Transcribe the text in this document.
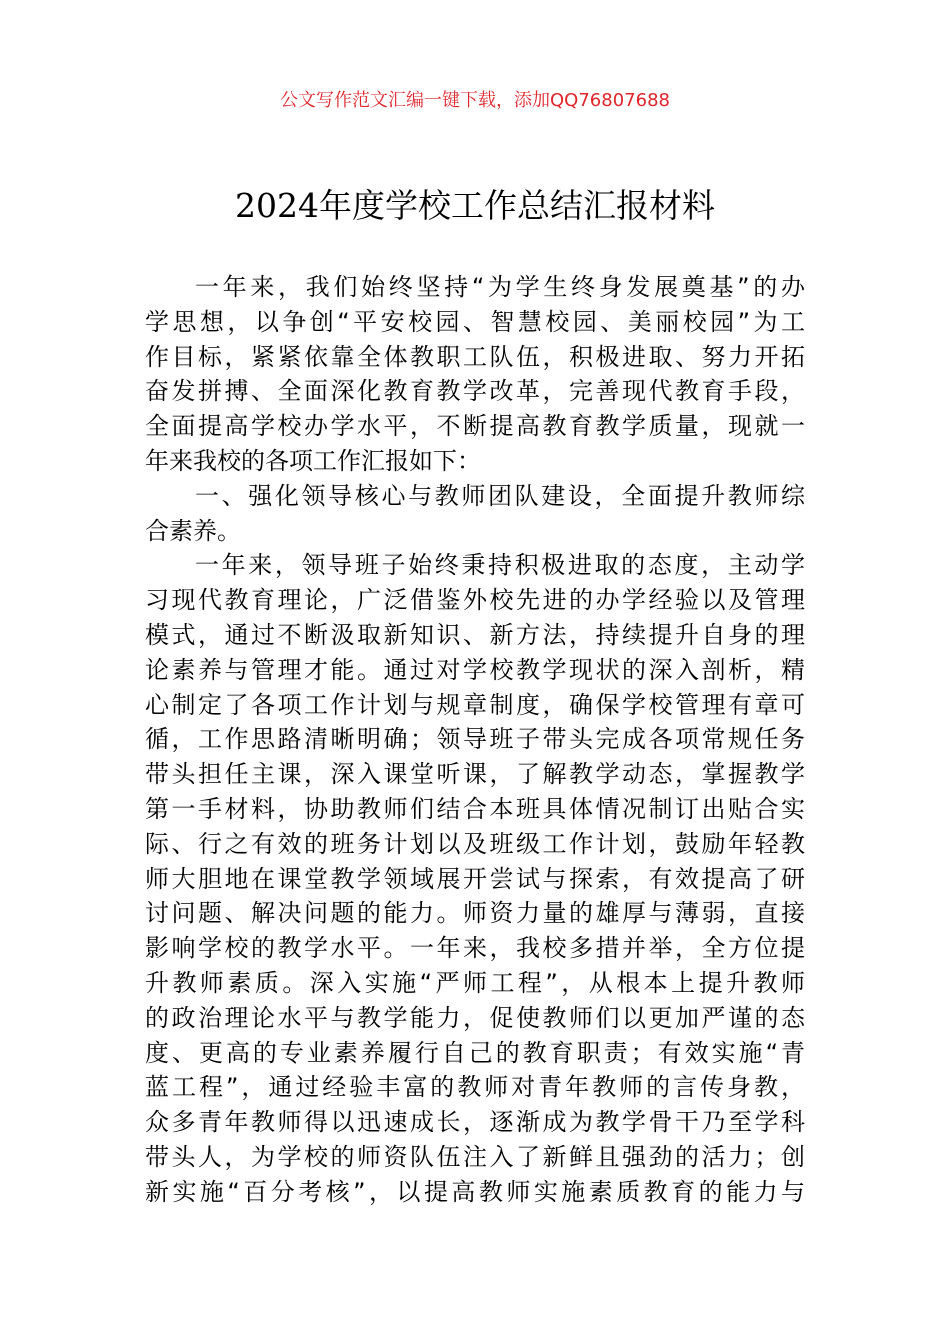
公文写作范文汇编一键下载，添加QQ76807688
2024年度学校工作总结汇报材料
一年来，我们始终坚持“为学生终身发展奠基”的办
学思想，以争创“平安校园、智慧校园、美丽校园”为工
作目标，紧紧依靠全体教职工队伍，积极进取、努力开拓
奋发拼搏、全面深化教育教学改革，完善现代教育手段，
全面提高学校办学水平，不断提高教育教学质量，现就一
年来我校的各项工作汇报如下：
一、强化领导核心与教师团队建设，全面提升教师综
合素养。
一年来，领导班子始终秉持积极进取的态度，主动学
习现代教育理论，广泛借鉴外校先进的办学经验以及管理
模式，通过不断汲取新知识、新方法，持续提升自身的理
论素养与管理才能。通过对学校教学现状的深入剖析，精
心制定了各项工作计划与规章制度，确保学校管理有章可
循，工作思路清晰明确；领导班子带头完成各项常规任务
带头担任主课，深入课堂听课，了解教学动态，掌握教学
第一手材料，协助教师们结合本班具体情况制订出贴合实
际、行之有效的班务计划以及班级工作计划，鼓励年轻教
师大胆地在课堂教学领域展开尝试与探索，有效提高了研
讨问题、解决问题的能力。师资力量的雄厚与薄弱，直接
影响学校的教学水平。一年来，我校多措并举，全方位提
升教师素质。深入实施“严师工程”，从根本上提升教师
的政治理论水平与教学能力，促使教师们以更加严谨的态
度、更高的专业素养履行自己的教育职责；有效实施“青
蓝工程”，通过经验丰富的教师对青年教师的言传身教，
众多青年教师得以迅速成长，逐渐成为教学骨干乃至学科
带头人，为学校的师资队伍注入了新鲜且强劲的活力；创
新实施“百分考核”，以提高教师实施素质教育的能力与
